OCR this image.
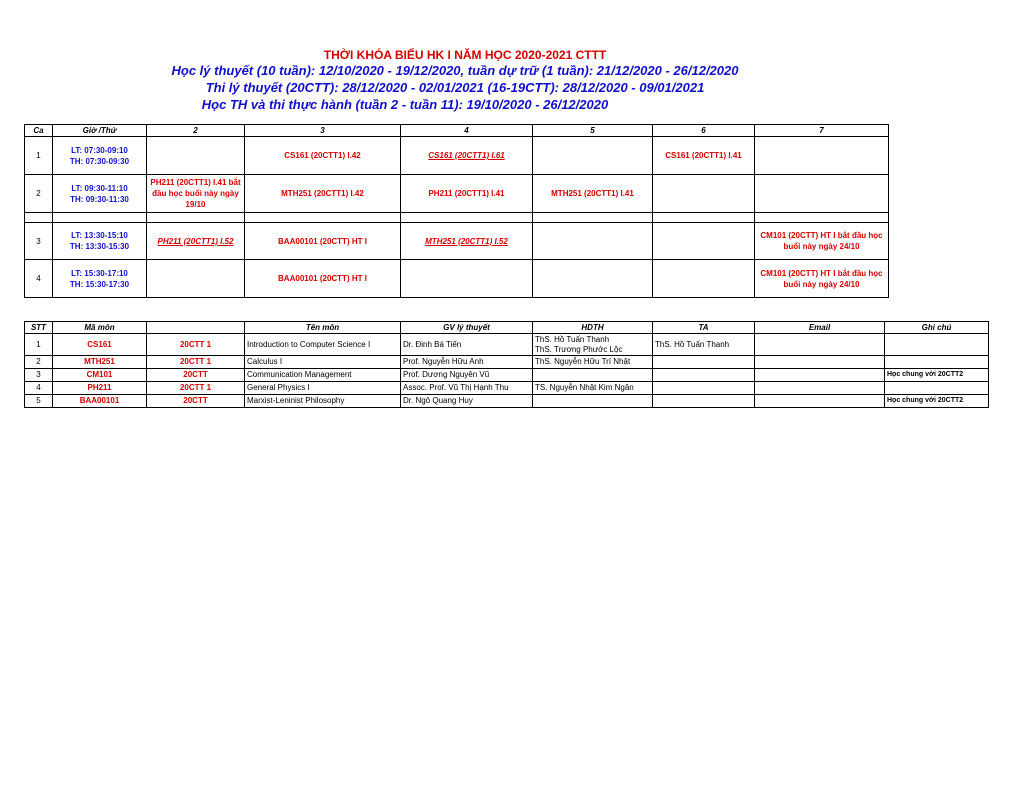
THỜI KHÓA BIỂU HK I NĂM HỌC 2020-2021 CTTT
Học lý thuyết (10 tuần): 12/10/2020 - 19/12/2020, tuần dự trữ (1 tuần): 21/12/2020 - 26/12/2020
Thi lý thuyết (20CTT): 28/12/2020 - 02/01/2021 (16-19CTT): 28/12/2020 - 09/01/2021
Học TH và thi thực hành (tuần 2 - tuần 11): 19/10/2020 - 26/12/2020
Ca	Giờ /Thứ	2	3	4	5	6	7
1	LT: 07:30-09:10
TH: 07:30-09:30		CS161 (20CTT1) I.42	CS161 (20CTT1) I.61		CS161 (20CTT1) I.41	
2	LT: 09:30-11:10
TH: 09:30-11:30	PH211 (20CTT1) I.41 bắt đầu học buổi này ngày 19/10	MTH251 (20CTT1) I.42	PH211 (20CTT1) I.41	MTH251 (20CTT1) I.41		

3	LT: 13:30-15:10
TH: 13:30-15:30	PH211 (20CTT1) I.52	BAA00101 (20CTT) HT I	MTH251 (20CTT1) I.52			CM101 (20CTT) HT I bắt đầu học buổi này ngày 24/10
4	LT: 15:30-17:10
TH: 15:30-17:30		BAA00101 (20CTT) HT I				CM101 (20CTT) HT I bắt đầu học buổi này ngày 24/10
STT	Mã môn		Tên môn	GV lý thuyết	HDTH	TA	Email	Ghi chú
1	CS161	20CTT 1	Introduction to Computer Science I	Dr. Đinh Bá Tiến	ThS. Hồ Tuấn Thanh
ThS. Trương Phước Lộc	ThS. Hồ Tuấn Thanh		
2	MTH251	20CTT 1	Calculus I	Prof. Nguyễn Hữu Anh	ThS. Nguyễn Hữu Trí Nhật			
3	CM101	20CTT	Communication Management	Prof. Dương Nguyên Vũ				Học chung với 20CTT2
4	PH211	20CTT 1	General Physics I	Assoc. Prof. Vũ Thị Hạnh Thu	TS. Nguyễn Nhật Kim Ngân			
5	BAA00101	20CTT	Marxist-Leninist Philosophy	Dr. Ngô Quang Huy				Học chung với 20CTT2
